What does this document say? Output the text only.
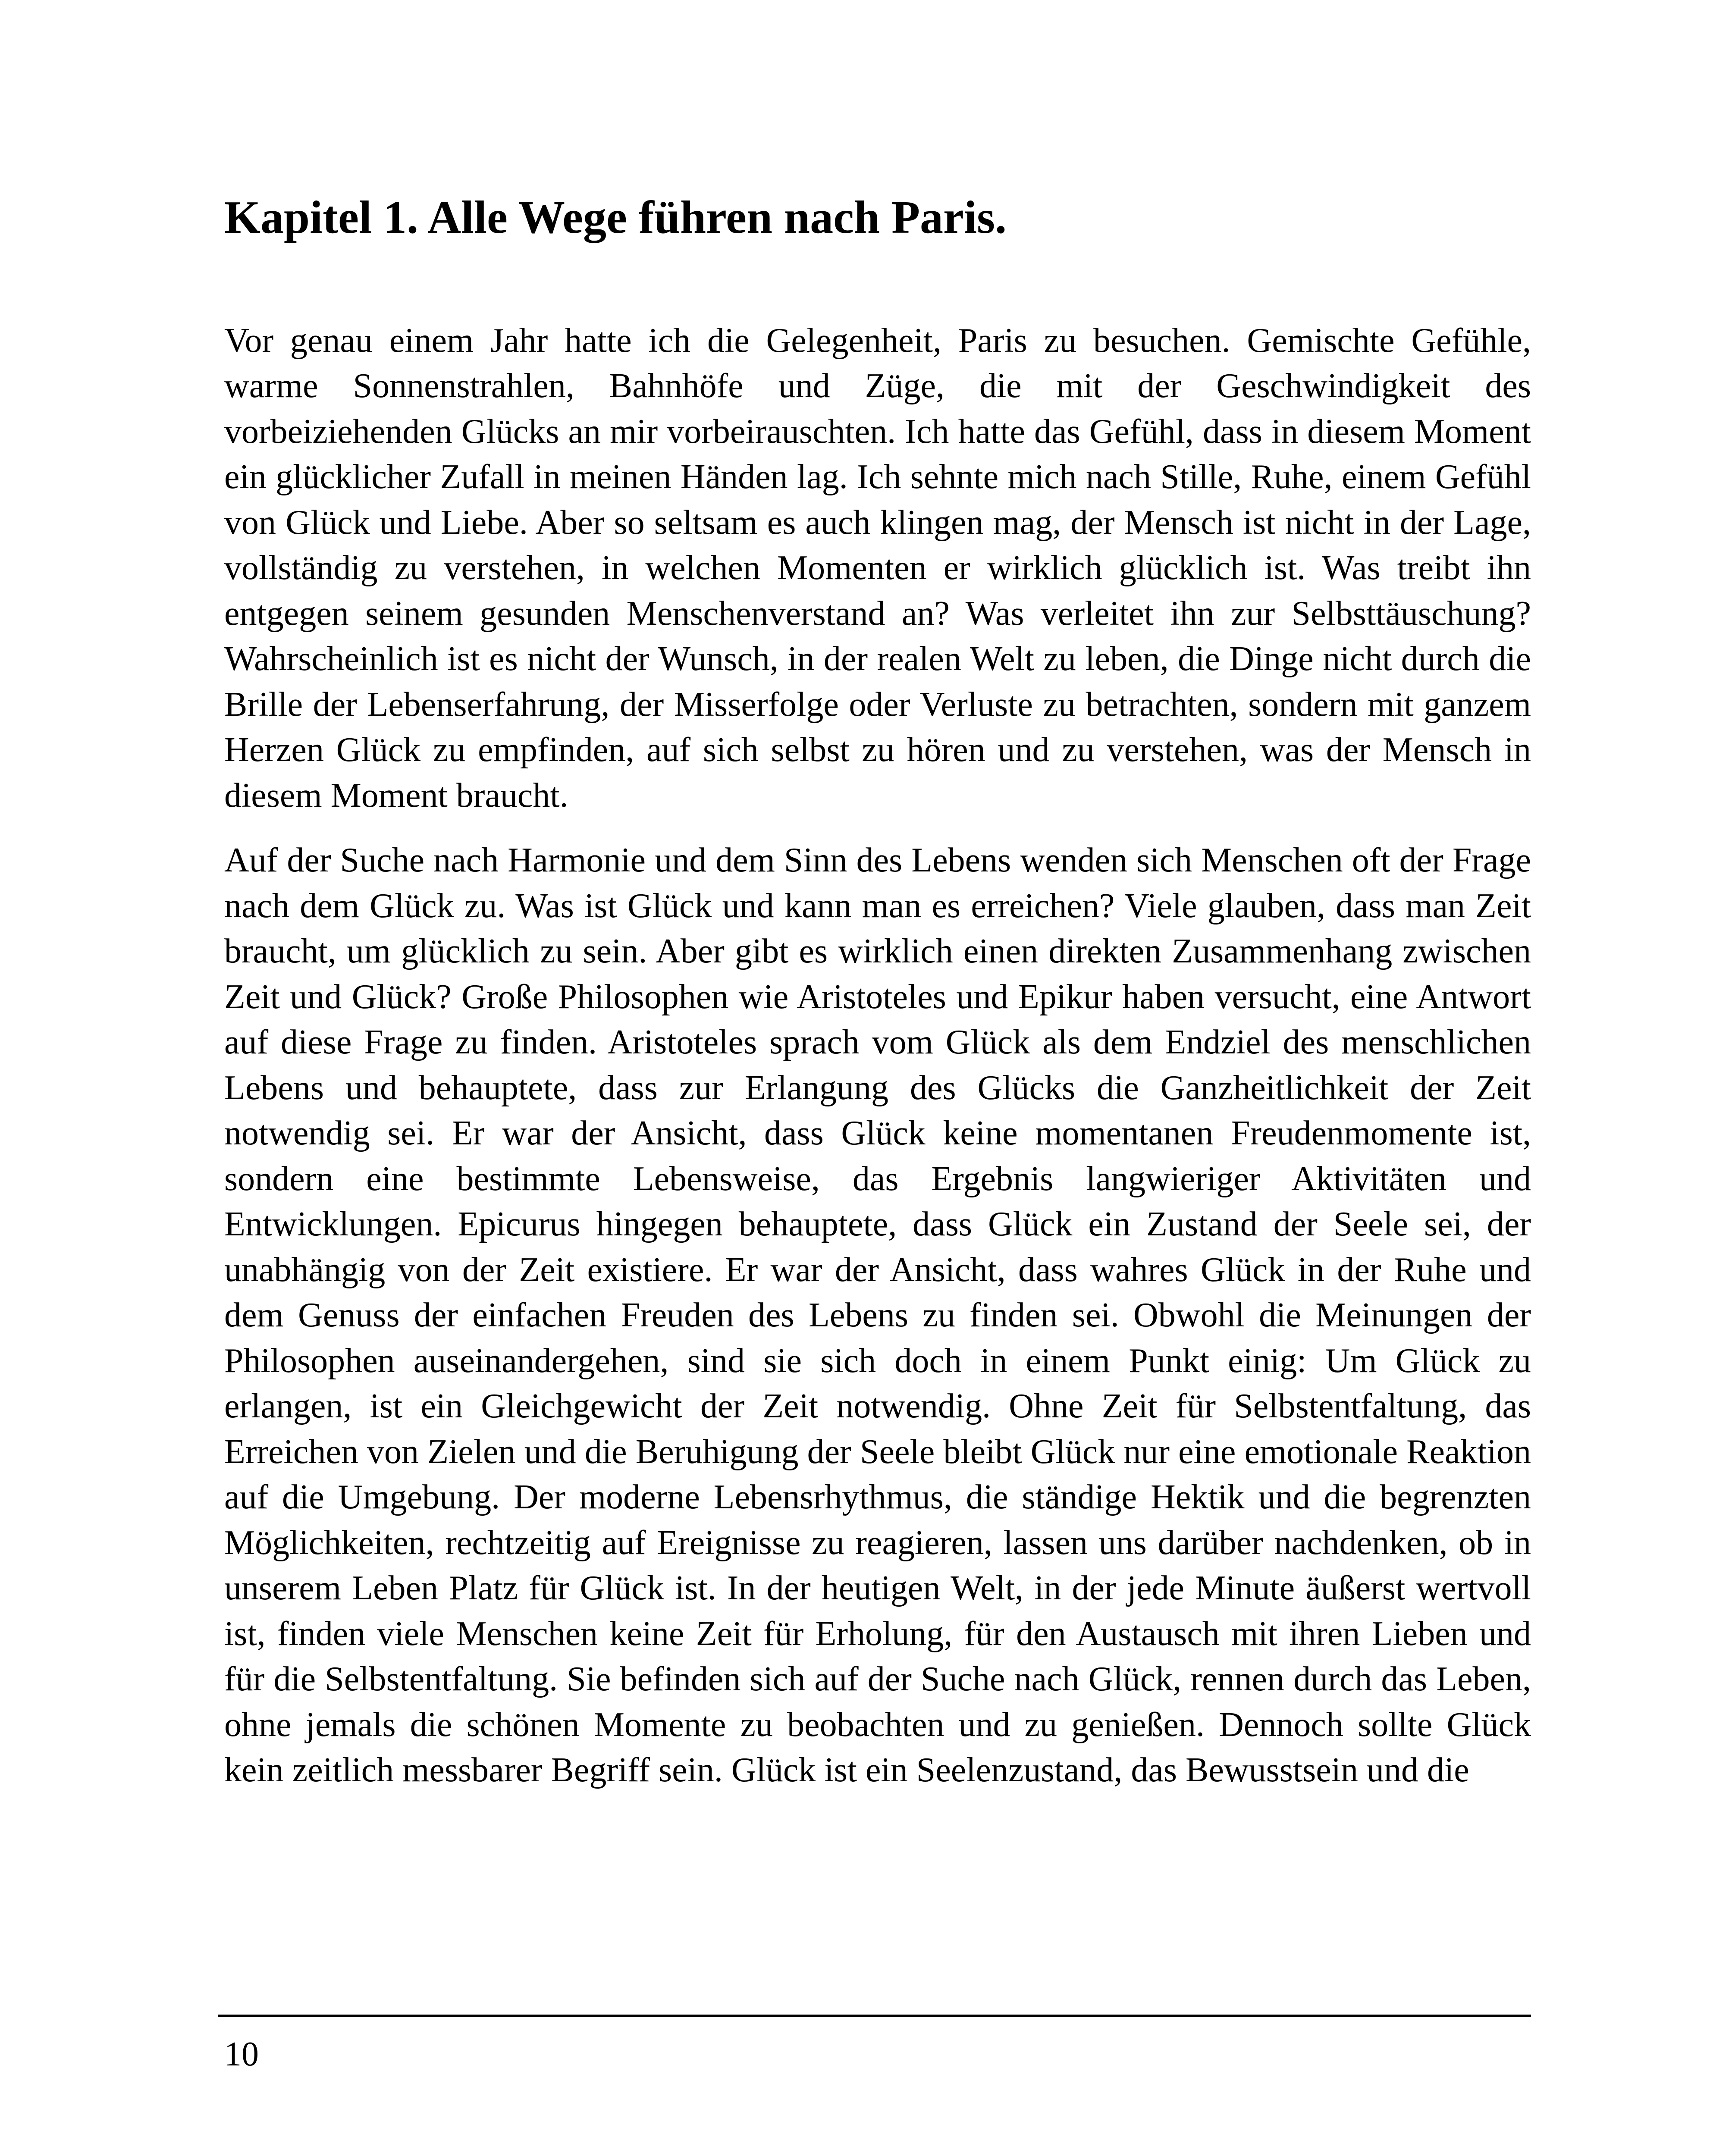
Kapitel 1. Alle Wege führen nach Paris.

Vor genau einem Jahr hatte ich die Gelegenheit, Paris zu besuchen. Gemischte Gefühle, warme Sonnenstrahlen, Bahnhöfe und Züge, die mit der Geschwindigkeit des vorbeiziehenden Glücks an mir vorbeirauschten. Ich hatte das Gefühl, dass in diesem Moment ein glücklicher Zufall in meinen Händen lag. Ich sehnte mich nach Stille, Ruhe, einem Gefühl von Glück und Liebe. Aber so seltsam es auch klingen mag, der Mensch ist nicht in der Lage, vollständig zu verstehen, in welchen Momenten er wirklich glücklich ist. Was treibt ihn entgegen seinem gesunden Menschenverstand an? Was verleitet ihn zur Selbsttäuschung? Wahrscheinlich ist es nicht der Wunsch, in der realen Welt zu leben, die Dinge nicht durch die Brille der Lebenserfahrung, der Misserfolge oder Verluste zu betrachten, sondern mit ganzem Herzen Glück zu empfinden, auf sich selbst zu hören und zu verstehen, was der Mensch in diesem Moment braucht.

Auf der Suche nach Harmonie und dem Sinn des Lebens wenden sich Menschen oft der Frage nach dem Glück zu. Was ist Glück und kann man es erreichen? Viele glauben, dass man Zeit braucht, um glücklich zu sein. Aber gibt es wirklich einen direkten Zusammenhang zwischen Zeit und Glück? Große Philosophen wie Aristoteles und Epikur haben versucht, eine Antwort auf diese Frage zu finden. Aristoteles sprach vom Glück als dem Endziel des menschlichen Lebens und behauptete, dass zur Erlangung des Glücks die Ganzheitlichkeit der Zeit notwendig sei. Er war der Ansicht, dass Glück keine momentanen Freudenmomente ist, sondern eine bestimmte Lebensweise, das Ergebnis langwieriger Aktivitäten und Entwicklungen. Epicurus hingegen behauptete, dass Glück ein Zustand der Seele sei, der unabhängig von der Zeit existiere. Er war der Ansicht, dass wahres Glück in der Ruhe und dem Genuss der einfachen Freuden des Lebens zu finden sei. Obwohl die Meinungen der Philosophen auseinandergehen, sind sie sich doch in einem Punkt einig: Um Glück zu erlangen, ist ein Gleichgewicht der Zeit notwendig. Ohne Zeit für Selbstentfaltung, das Erreichen von Zielen und die Beruhigung der Seele bleibt Glück nur eine emotionale Reaktion auf die Umgebung. Der moderne Lebensrhythmus, die ständige Hektik und die begrenzten Möglichkeiten, rechtzeitig auf Ereignisse zu reagieren, lassen uns darüber nachdenken, ob in unserem Leben Platz für Glück ist. In der heutigen Welt, in der jede Minute äußerst wertvoll ist, finden viele Menschen keine Zeit für Erholung, für den Austausch mit ihren Lieben und für die Selbstentfaltung. Sie befinden sich auf der Suche nach Glück, rennen durch das Leben, ohne jemals die schönen Momente zu beobachten und zu genießen. Dennoch sollte Glück kein zeitlich messbarer Begriff sein. Glück ist ein Seelenzustand, das Bewusstsein und die

10
